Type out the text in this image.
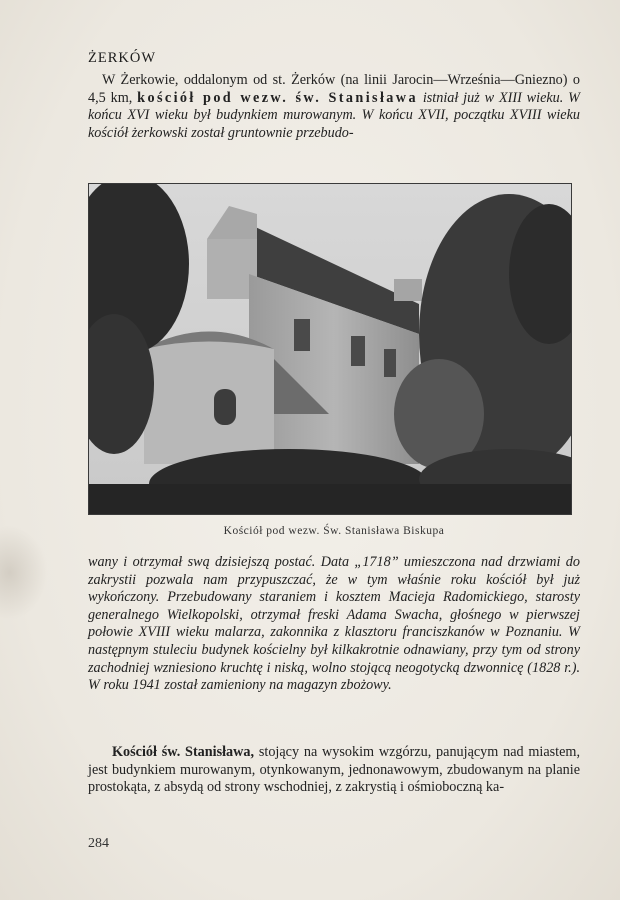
ŻERKÓW
W Żerkowie, oddalonym od st. Żerków (na linii Jarocin—Września—Gniezno) o 4,5 km, kościół pod wezw. św. Stanisława istniał już w XIII wieku. W końcu XVI wieku był budynkiem murowanym. W końcu XVII, początku XVIII wieku kościół żerkowski został gruntownie przebudo-
Kościół pod wezw. Św. Stanisława Biskupa
wany i otrzymał swą dzisiejszą postać. Data „1718” umieszczona nad drzwiami do zakrystii pozwala nam przypuszczać, że w tym właśnie roku kościół był już wykończony. Przebudowany staraniem i kosztem Macieja Radomickiego, starosty generalnego Wielkopolski, otrzymał freski Adama Swacha, głośnego w pierwszej połowie XVIII wieku malarza, zakonnika z klasztoru franciszkanów w Poznaniu. W następnym stuleciu budynek kościelny był kilkakrotnie odnawiany, przy tym od strony zachodniej wzniesiono kruchtę i niską, wolno stojącą neogotycką dzwonnicę (1828 r.). W roku 1941 został zamieniony na magazyn zbożowy.
Kościół św. Stanisława, stojący na wysokim wzgórzu, panującym nad miastem, jest budynkiem murowanym, otynkowanym, jednonawowym, zbudowanym na planie prostokąta, z absydą od strony wschodniej, z zakrystią i ośmioboczną ka-
284
